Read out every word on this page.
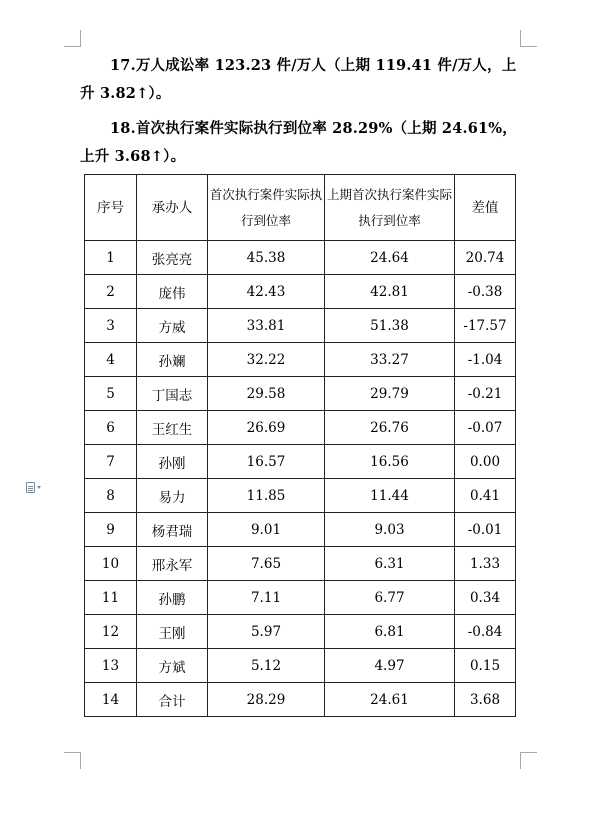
17.万人成讼率 123.23 件/万人（上期 119.41 件/万人，上升 3.82↑）。

18.首次执行案件实际执行到位率 28.29%（上期 24.61%，上升 3.68↑）。

序号	承办人	首次执行案件实际执行到位率	上期首次执行案件实际执行到位率	差值
1	张亮亮	45.38	24.64	20.74
2	庞伟	42.43	42.81	-0.38
3	方威	33.81	51.38	-17.57
4	孙斓	32.22	33.27	-1.04
5	丁国志	29.58	29.79	-0.21
6	王红生	26.69	26.76	-0.07
7	孙刚	16.57	16.56	0.00
8	易力	11.85	11.44	0.41
9	杨君瑞	9.01	9.03	-0.01
10	邢永军	7.65	6.31	1.33
11	孙鹏	7.11	6.77	0.34
12	王刚	5.97	6.81	-0.84
13	方斌	5.12	4.97	0.15
14	合计	28.29	24.61	3.68
